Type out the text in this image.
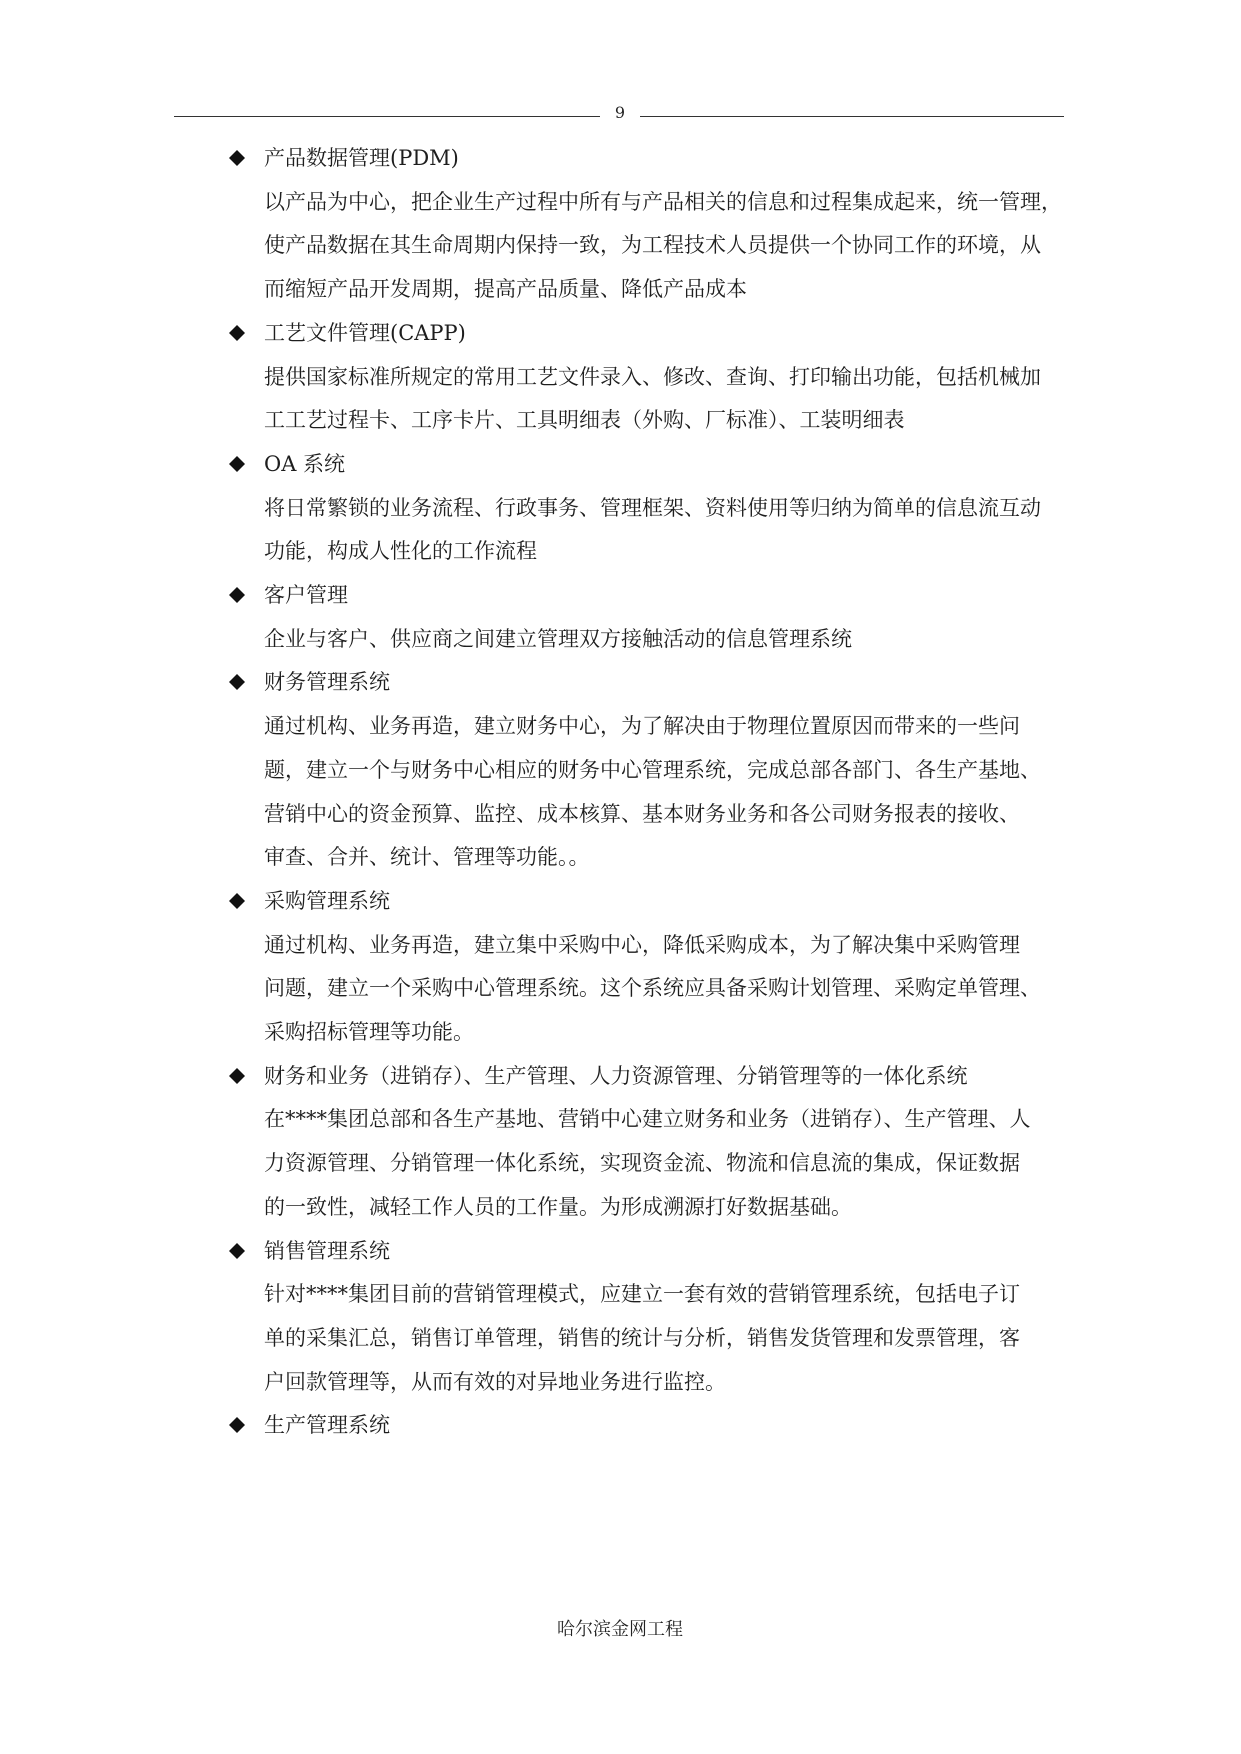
9
产品数据管理(PDM)
以产品为中心，把企业生产过程中所有与产品相关的信息和过程集成起来，统一管理，
使产品数据在其生命周期内保持一致，为工程技术人员提供一个协同工作的环境，从
而缩短产品开发周期，提高产品质量、降低产品成本
工艺文件管理(CAPP)
提供国家标准所规定的常用工艺文件录入、修改、查询、打印输出功能，包括机械加
工工艺过程卡、工序卡片、工具明细表（外购、厂标准）、工装明细表
OA 系统
将日常繁锁的业务流程、行政事务、管理框架、资料使用等归纳为简单的信息流互动
功能，构成人性化的工作流程
客户管理
企业与客户、供应商之间建立管理双方接触活动的信息管理系统
财务管理系统
通过机构、业务再造，建立财务中心，为了解决由于物理位置原因而带来的一些问
题，建立一个与财务中心相应的财务中心管理系统，完成总部各部门、各生产基地、
营销中心的资金预算、监控、成本核算、基本财务业务和各公司财务报表的接收、
审查、合并、统计、管理等功能。。
采购管理系统
通过机构、业务再造，建立集中采购中心，降低采购成本，为了解决集中采购管理
问题，建立一个采购中心管理系统。这个系统应具备采购计划管理、采购定单管理、
采购招标管理等功能。
财务和业务（进销存）、生产管理、人力资源管理、分销管理等的一体化系统
在****集团总部和各生产基地、营销中心建立财务和业务（进销存）、生产管理、人
力资源管理、分销管理一体化系统，实现资金流、物流和信息流的集成，保证数据
的一致性，减轻工作人员的工作量。为形成溯源打好数据基础。
销售管理系统
针对****集团目前的营销管理模式，应建立一套有效的营销管理系统，包括电子订
单的采集汇总，销售订单管理，销售的统计与分析，销售发货管理和发票管理，客
户回款管理等，从而有效的对异地业务进行监控。
生产管理系统
哈尔滨金网工程
